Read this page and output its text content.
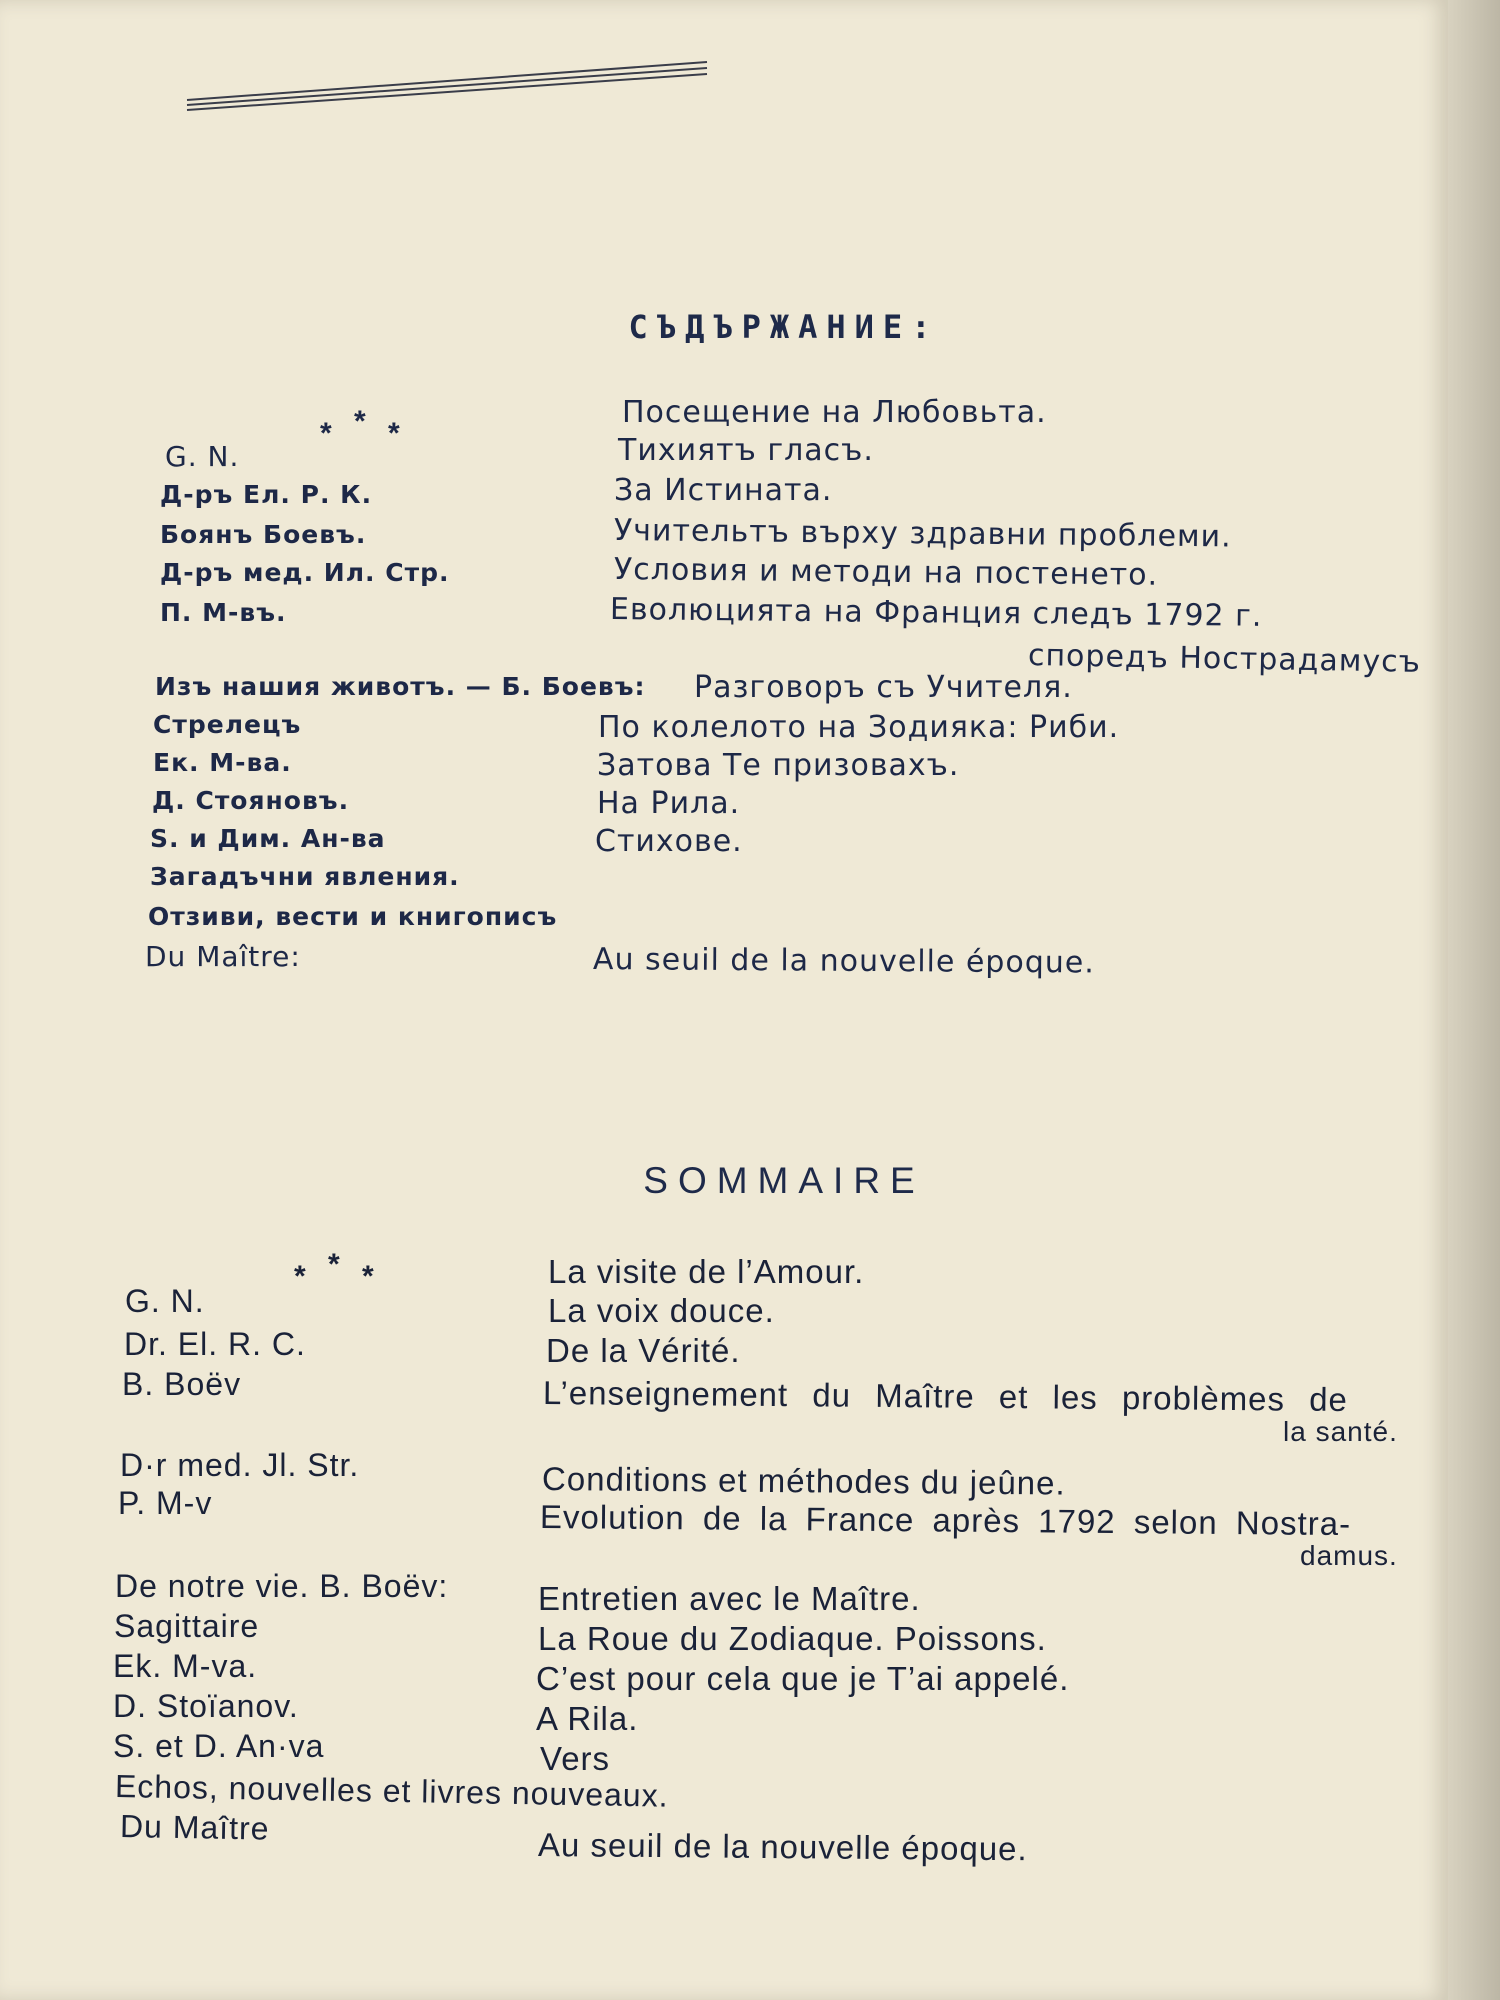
СЪДЪРЖАНИЕ:
* * *
Посещение на Любовьта.
G. N.	Тихиятъ гласъ.
Д-ръ Ел. Р. К.	За Истината.
Боянъ Боевъ.	Учительтъ върху здравни проблеми.
Д-ръ мед. Ил. Стр.	Условия и методи на постенето.
П. М-въ.	Еволюцията на Франция следъ 1792 г.
споредъ Нострадамусъ
Изъ нашия животъ. — Б. Боевъ: Разговоръ съ Учителя.
Стрелецъ	По колелото на Зодияка: Риби.
Ек. М-ва.	Затова Те призовахъ.
Д. Стояновъ.	На Рила.
S. и Дим. Ан-ва	Стихове.
Загадъчни явления.
Отзиви, вести и книгописъ
Du Maître:	Au seuil de la nouvelle époque.
SOMMAIRE
* * *	La visite de l’Amour.
G. N.	La voix douce.
Dr. El. R. C.	De la Vérité.
B. Boëv	L’enseignement du Maître et les problèmes de
la santé.
D·r med. Jl. Str.	Conditions et méthodes du jeûne.
P. M-v	Evolution de la France après 1792 selon Nostra-
damus.
De notre vie. B. Boëv:	Entretien avec le Maître.
Sagittaire	La Roue du Zodiaque. Poissons.
Ek. M-va.	C’est pour cela que je T’ai appelé.
D. Stoïanov.	A Rila.
S. et D. An·va	Vers
Echos, nouvelles et livres nouveaux.
Du Maître	Au seuil de la nouvelle époque.
